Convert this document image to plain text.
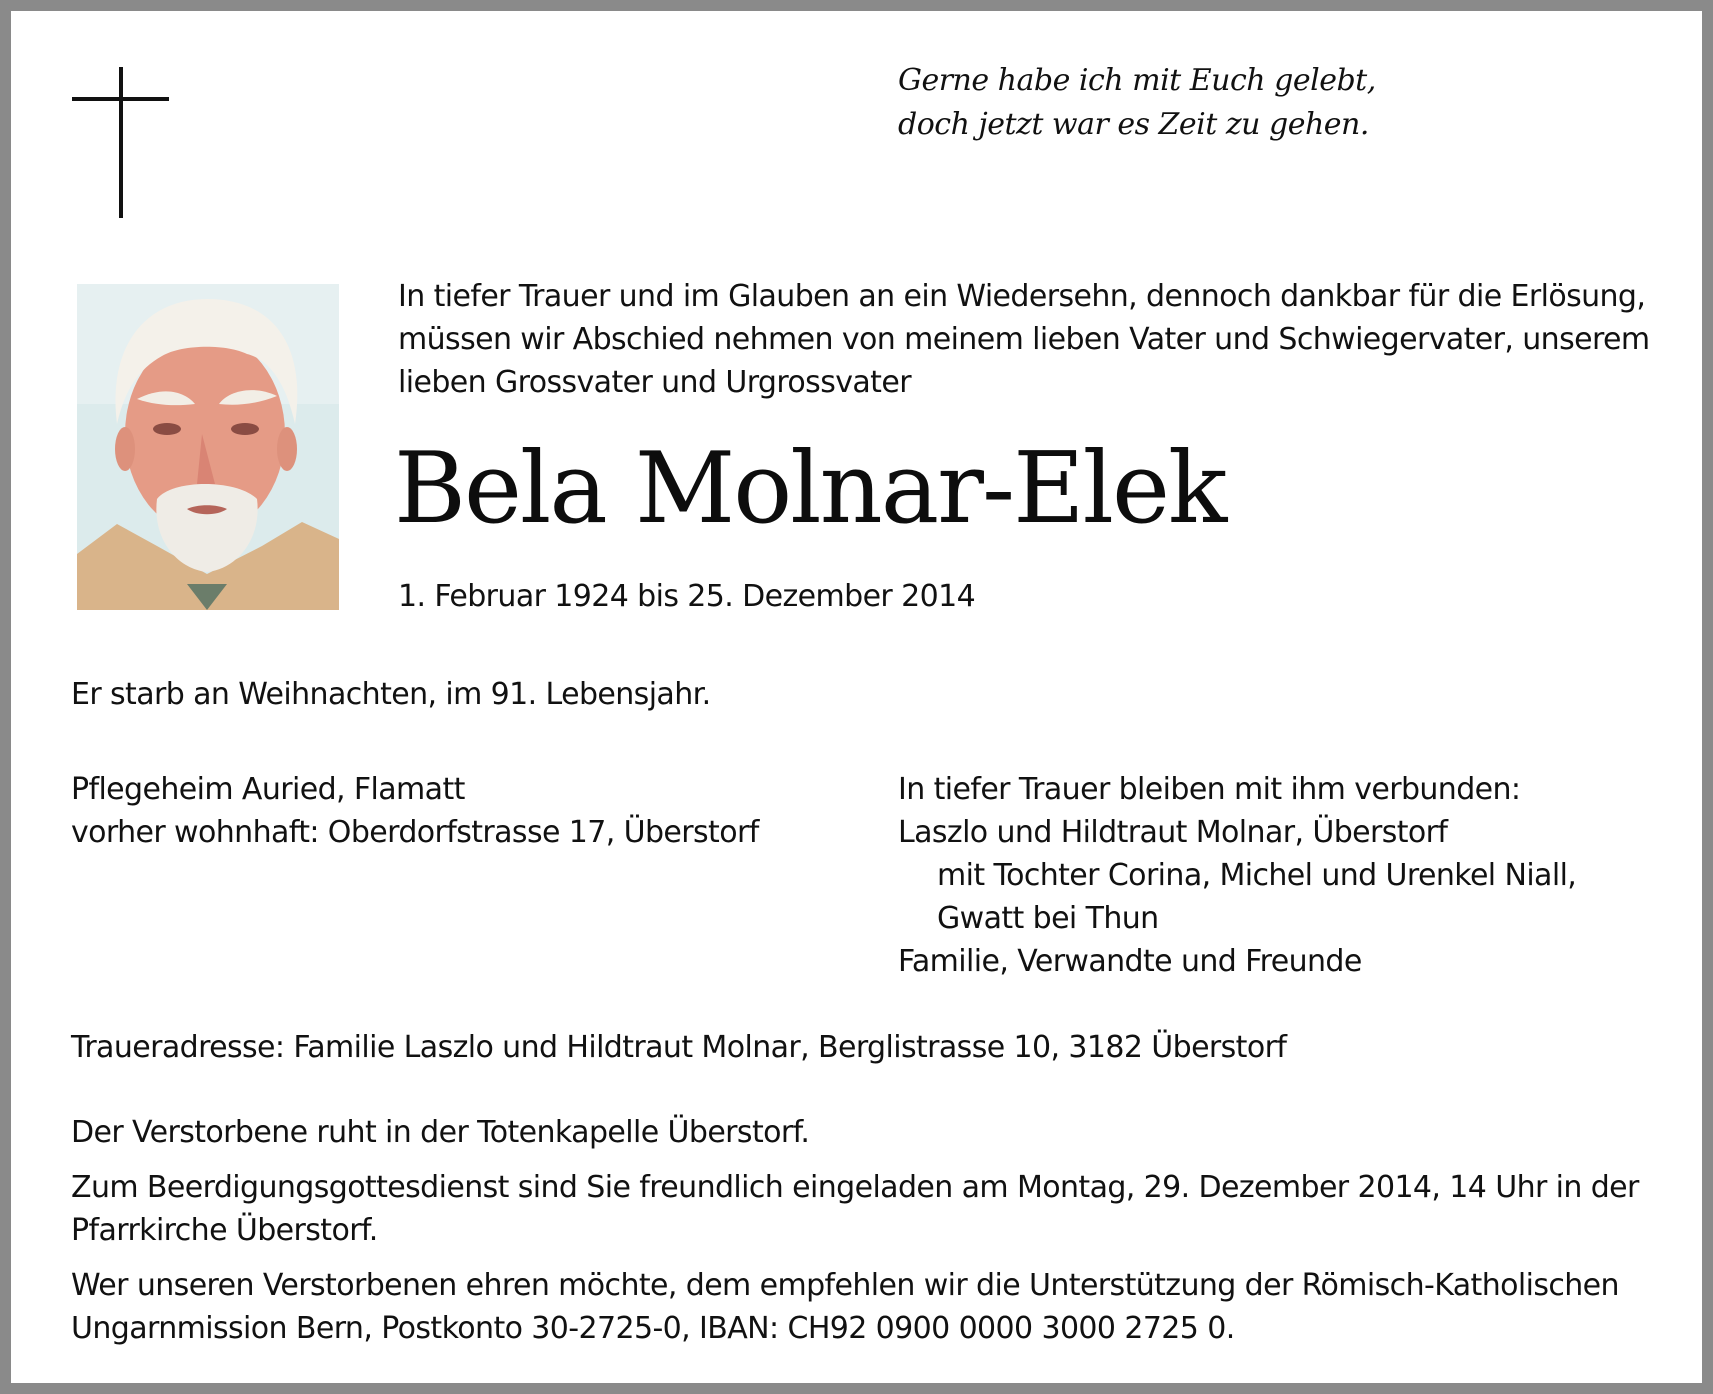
Gerne habe ich mit Euch gelebt,
doch jetzt war es Zeit zu gehen.
In tiefer Trauer und im Glauben an ein Wiedersehn, dennoch dankbar für die Erlösung,
müssen wir Abschied nehmen von meinem lieben Vater und Schwiegervater, unserem
lieben Grossvater und Urgrossvater
Bela Molnar-Elek
1. Februar 1924 bis 25. Dezember 2014
Er starb an Weihnachten, im 91. Lebensjahr.
Pflegeheim Auried, Flamatt
vorher wohnhaft: Oberdorfstrasse 17, Überstorf
In tiefer Trauer bleiben mit ihm verbunden:
Laszlo und Hildtraut Molnar, Überstorf
mit Tochter Corina, Michel und Urenkel Niall,
Gwatt bei Thun
Familie, Verwandte und Freunde
Traueradresse: Familie Laszlo und Hildtraut Molnar, Berglistrasse 10, 3182 Überstorf

Der Verstorbene ruht in der Totenkapelle Überstorf.

Zum Beerdigungsgottesdienst sind Sie freundlich eingeladen am Montag, 29. Dezember 2014, 14 Uhr in der
Pfarrkirche Überstorf.

Wer unseren Verstorbenen ehren möchte, dem empfehlen wir die Unterstützung der Römisch-Katholischen
Ungarnmission Bern, Postkonto 30-2725-0, IBAN: CH92 0900 0000 3000 2725 0.
